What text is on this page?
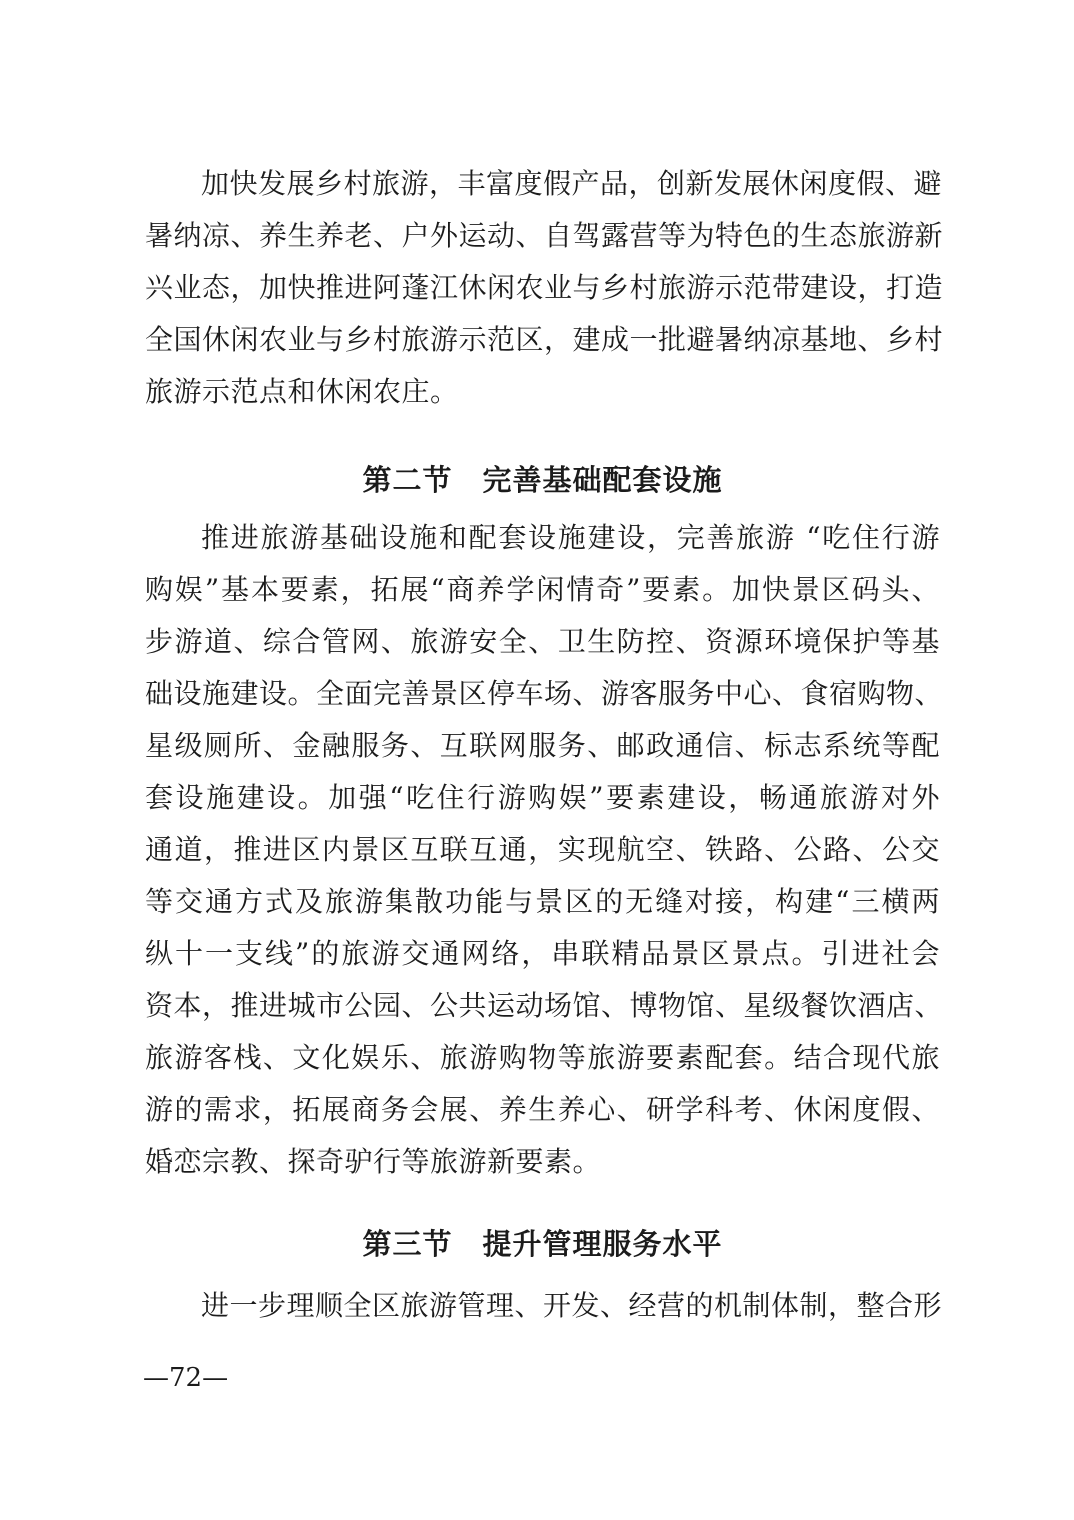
加快发展乡村旅游，丰富度假产品，创新发展休闲度假、避
暑纳凉、养生养老、户外运动、自驾露营等为特色的生态旅游新
兴业态，加快推进阿蓬江休闲农业与乡村旅游示范带建设，打造
全国休闲农业与乡村旅游示范区，建成一批避暑纳凉基地、乡村
旅游示范点和休闲农庄。
第二节　完善基础配套设施
推进旅游基础设施和配套设施建设，完善旅游 “吃住行游
购娱”基本要素，拓展“商养学闲情奇”要素。加快景区码头、
步游道、综合管网、旅游安全、卫生防控、资源环境保护等基
础设施建设。全面完善景区停车场、游客服务中心、食宿购物、
星级厕所、金融服务、互联网服务、邮政通信、标志系统等配
套设施建设。加强“吃住行游购娱”要素建设，畅通旅游对外
通道，推进区内景区互联互通，实现航空、铁路、公路、公交
等交通方式及旅游集散功能与景区的无缝对接，构建“三横两
纵十一支线”的旅游交通网络，串联精品景区景点。引进社会
资本，推进城市公园、公共运动场馆、博物馆、星级餐饮酒店、
旅游客栈、文化娱乐、旅游购物等旅游要素配套。结合现代旅
游的需求，拓展商务会展、养生养心、研学科考、休闲度假、
婚恋宗教、探奇驴行等旅游新要素。
第三节　提升管理服务水平
进一步理顺全区旅游管理、开发、经营的机制体制，整合形
—72—
